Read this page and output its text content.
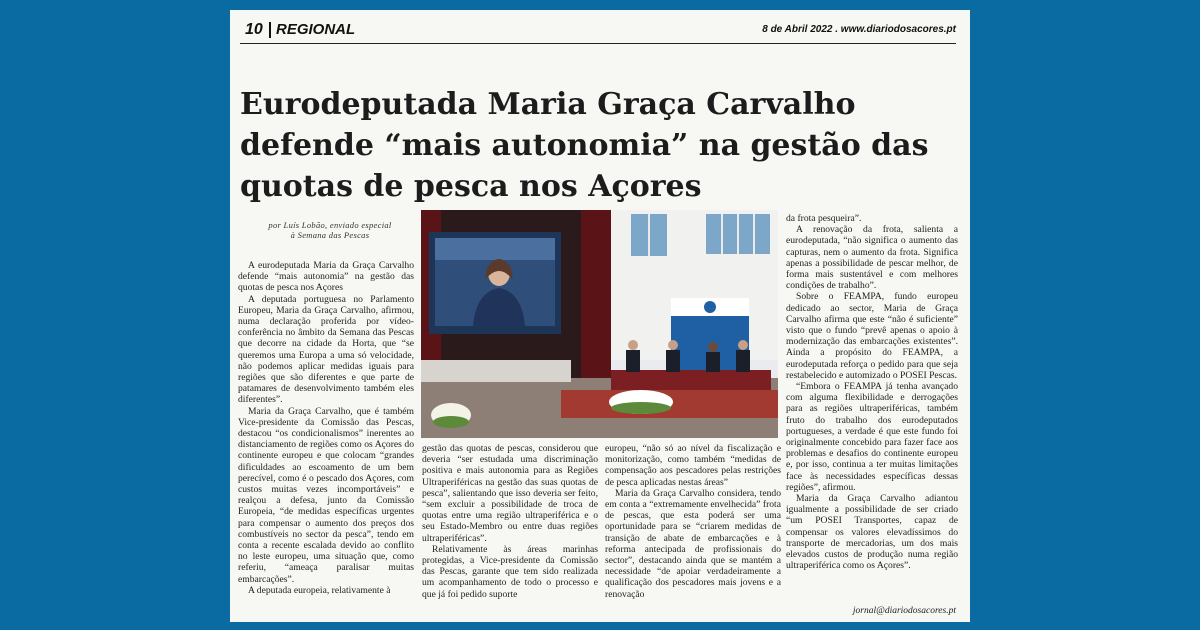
10 REGIONAL	8 de Abril 2022 . www.diariodosacores.pt
Eurodeputada Maria Graça Carvalho defende “mais autonomia” na gestão das quotas de pesca nos Açores
por Luís Lobão, enviado especial
à Semana das Pescas

A eurodeputada Maria da Graça Carvalho defende “mais autonomia” na gestão das quotas de pesca nos Açores

A deputada portuguesa no Parlamento Europeu, Maria da Graça Carvalho, afirmou, numa declaração proferida por vídeo-conferência no âmbito da Semana das Pescas que decorre na cidade da Horta, que “se queremos uma Europa a uma só velocidade, não podemos aplicar medidas iguais para regiões que são diferentes e que parte de patamares de desenvolvimento também eles diferentes”.

Maria da Graça Carvalho, que é também Vice-presidente da Comissão das Pescas, destacou “os condicionalismos” inerentes ao distanciamento de regiões como os Açores do continente europeu e que colocam “grandes dificuldades ao escoamento de um bem perecível, como é o pescado dos Açores, com custos muitas vezes incomportáveis” e realçou a defesa, junto da Comissão Europeia, “de medidas específicas urgentes para compensar o aumento dos preços dos combustíveis no sector da pesca”, tendo em conta a recente escalada devido ao conflito no leste europeu, uma situação que, como referiu, “ameaça paralisar muitas embarcações”.

A deputada europeia, relativamente à

gestão das quotas de pescas, considerou que deveria “ser estudada uma discriminação positiva e mais autonomia para as Regiões Ultraperiféricas na gestão das suas quotas de pesca”, salientando que isso deveria ser feito, “sem excluir a possibilidade de troca de quotas entre uma região ultraperiférica e o seu Estado-Membro ou entre duas regiões ultraperiféricas”.

Relativamente às áreas marinhas protegidas, a Vice-presidente da Comissão das Pescas, garante que tem sido realizada um acompanhamento de todo o processo e que já foi pedido suporte

europeu, “não só ao nível da fiscalização e monitorização, como também “medidas de compensação aos pescadores pelas restrições de pesca aplicadas nestas áreas”

Maria da Graça Carvalho considera, tendo em conta a “extremamente envelhecida” frota de pescas, que esta poderá ser uma oportunidade para se “criarem medidas de transição de abate de embarcações e à reforma antecipada de profissionais do sector”, destacando ainda que se mantém a necessidade “de apoiar verdadeiramente a qualificação dos pescadores mais jovens e a renovação

da frota pesqueira”.

A renovação da frota, salienta a eurodeputada, “não significa o aumento das capturas, nem o aumento da frota. Significa apenas a possibilidade de pescar melhor, de forma mais sustentável e com melhores condições de trabalho”.

Sobre o FEAMPA, fundo europeu dedicado ao sector, Maria de Graça Carvalho afirma que este “não é suficiente” visto que o fundo “prevê apenas o apoio à modernização das embarcações existentes”. Ainda a propósito do FEAMPA, a eurodeputada reforça o pedido para que seja restabelecido e automizado o POSEI Pescas.

“Embora o FEAMPA já tenha avançado com alguma flexibilidade e derrogações para as regiões ultraperiféricas, também fruto do trabalho dos eurodeputados portugueses, a verdade é que este fundo foi originalmente concebido para fazer face aos problemas e desafios do continente europeu e, por isso, continua a ter muitas limitações face às necessidades específicas dessas regiões”, afirmou.

Maria da Graça Carvalho adiantou igualmente a possibilidade de ser criado “um POSEI Transportes, capaz de compensar os valores elevadíssimos do transporte de mercadorias, um dos mais elevados custos de produção numa região ultraperiférica como os Açores”.

jornal@diariodosacores.pt
